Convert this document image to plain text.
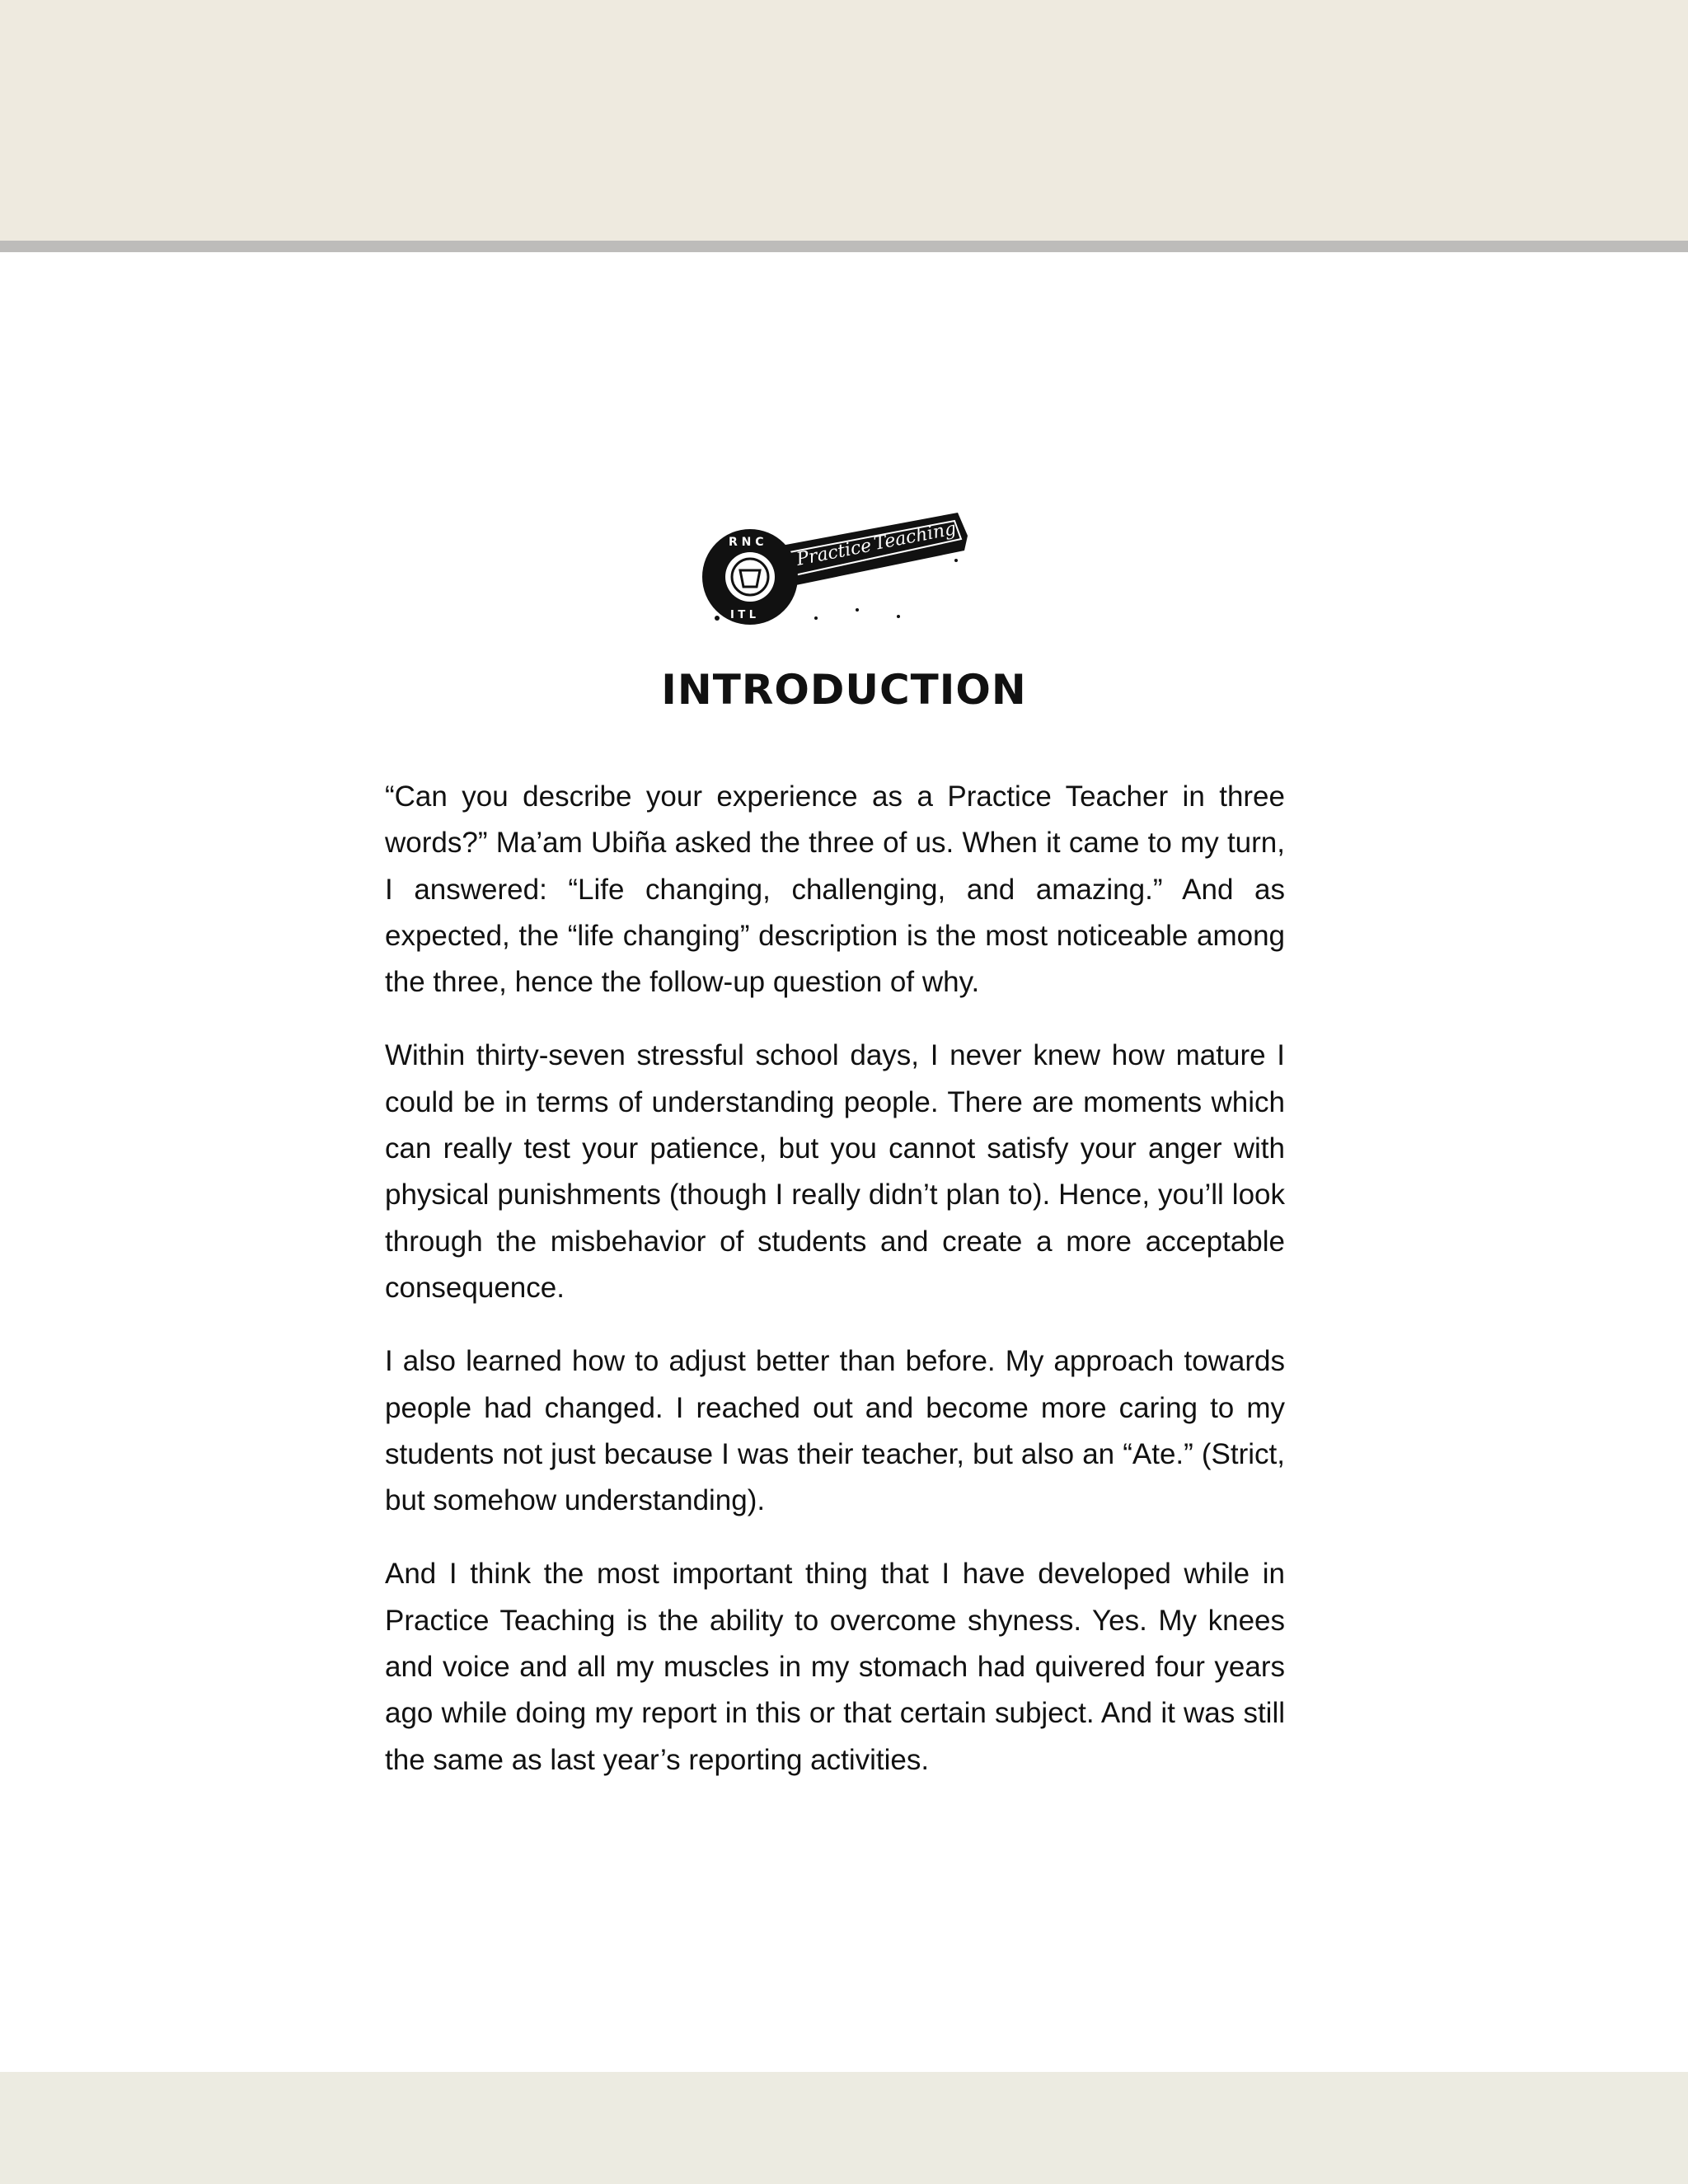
R N C
I T L
Practice
Teaching
INTRODUCTION

“Can you describe your experience as a Practice Teacher in three words?” Ma’am Ubiña asked the three of us. When it came to my turn, I answered: “Life changing, challenging, and amazing.” And as expected, the “life changing” description is the most noticeable among the three, hence the follow-up question of why.

Within thirty-seven stressful school days, I never knew how mature I could be in terms of understanding people. There are moments which can really test your patience, but you cannot satisfy your anger with physical punishments (though I really didn’t plan to). Hence, you’ll look through the misbehavior of students and create a more acceptable consequence.

I also learned how to adjust better than before. My approach towards people had changed. I reached out and become more caring to my students not just because I was their teacher, but also an “Ate.” (Strict, but somehow understanding).

And I think the most important thing that I have developed while in Practice Teaching is the ability to overcome shyness. Yes. My knees and voice and all my muscles in my stomach had quivered four years ago while doing my report in this or that certain subject. And it was still the same as last year’s reporting activities.
